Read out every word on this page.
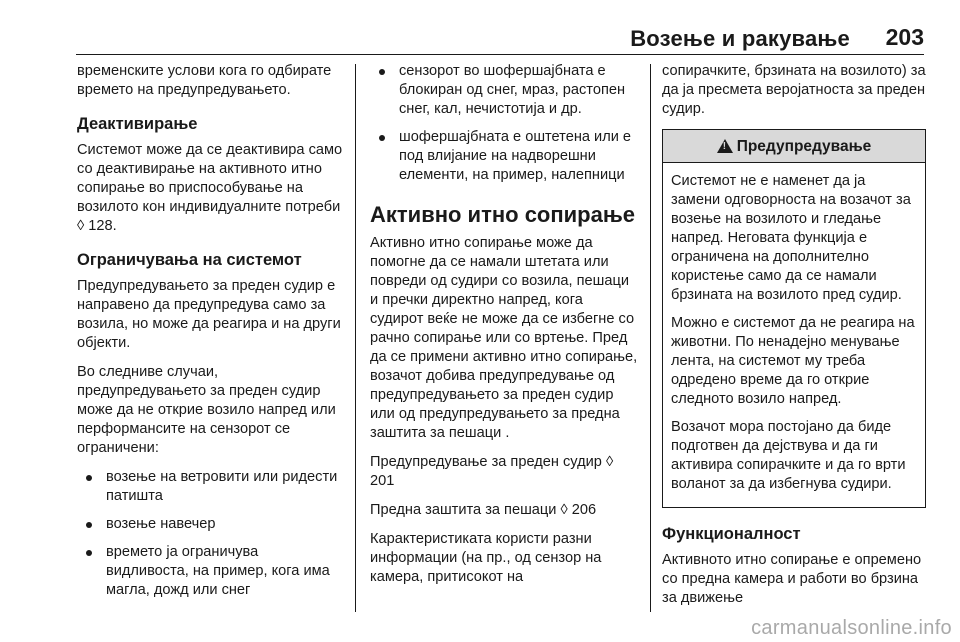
Возење и ракување 203

временските услови кога го одбирате времето на предупредувањето.

Деактивирање

Системот може да се деактивира само со деактивирање на активното итно сопирање во приспособување на возилото кон индивидуалните потреби ◊ 128.

Ограничувања на системот

Предупредувањето за преден судир е направено да предупредува само за возила, но може да реагира и на други објекти.

Во следниве случаи, предупредувањето за преден судир може да не открие возило напред или перформансите на сензорот се ограничени:

возење на ветровити или ридести патишта
возење навечер
времето ја ограничува видливоста, на пример, кога има магла, дожд или снег
сензорот во шофершајбната е блокиран од снег, мраз, растопен снег, кал, нечистотија и др.
шофершајбната е оштетена или е под влијание на надворешни елементи, на пример, налепници
Активно итно сопирање

Активно итно сопирање може да помогне да се намали штетата или повреди од судири со возила, пешаци и пречки директно напред, кога судирот веќе не може да се избегне со рачно сопирање или со вртење. Пред да се примени активно итно сопирање, возачот добива предупредување од предупредувањето за преден судир или од предупредувањето за предна заштита за пешаци .

Предупредување за преден судир ◊ 201

Предна заштита за пешаци ◊ 206

Карактеристиката користи разни информации (на пр., од сензор на камера, притисокот на

сопирачките, брзината на возилото) за да ја пресмета веројатноста за преден судир.

! Предупредување

Системот не е наменет да ја замени одговорноста на возачот за возење на возилото и гледање напред. Неговата функција е ограничена на дополнително користење само да се намали брзината на возилото пред судир.

Можно е системот да не реагира на животни. По ненадејно менување лента, на системот му треба одредено време да го открие следното возило напред.

Возачот мора постојано да биде подготвен да дејствува и да ги активира сопирачките и да го врти воланот за да избегнува судири.

Функционалност

Активното итно сопирање е опремено со предна камера и работи во брзина за движење

carmanualsonline.info
